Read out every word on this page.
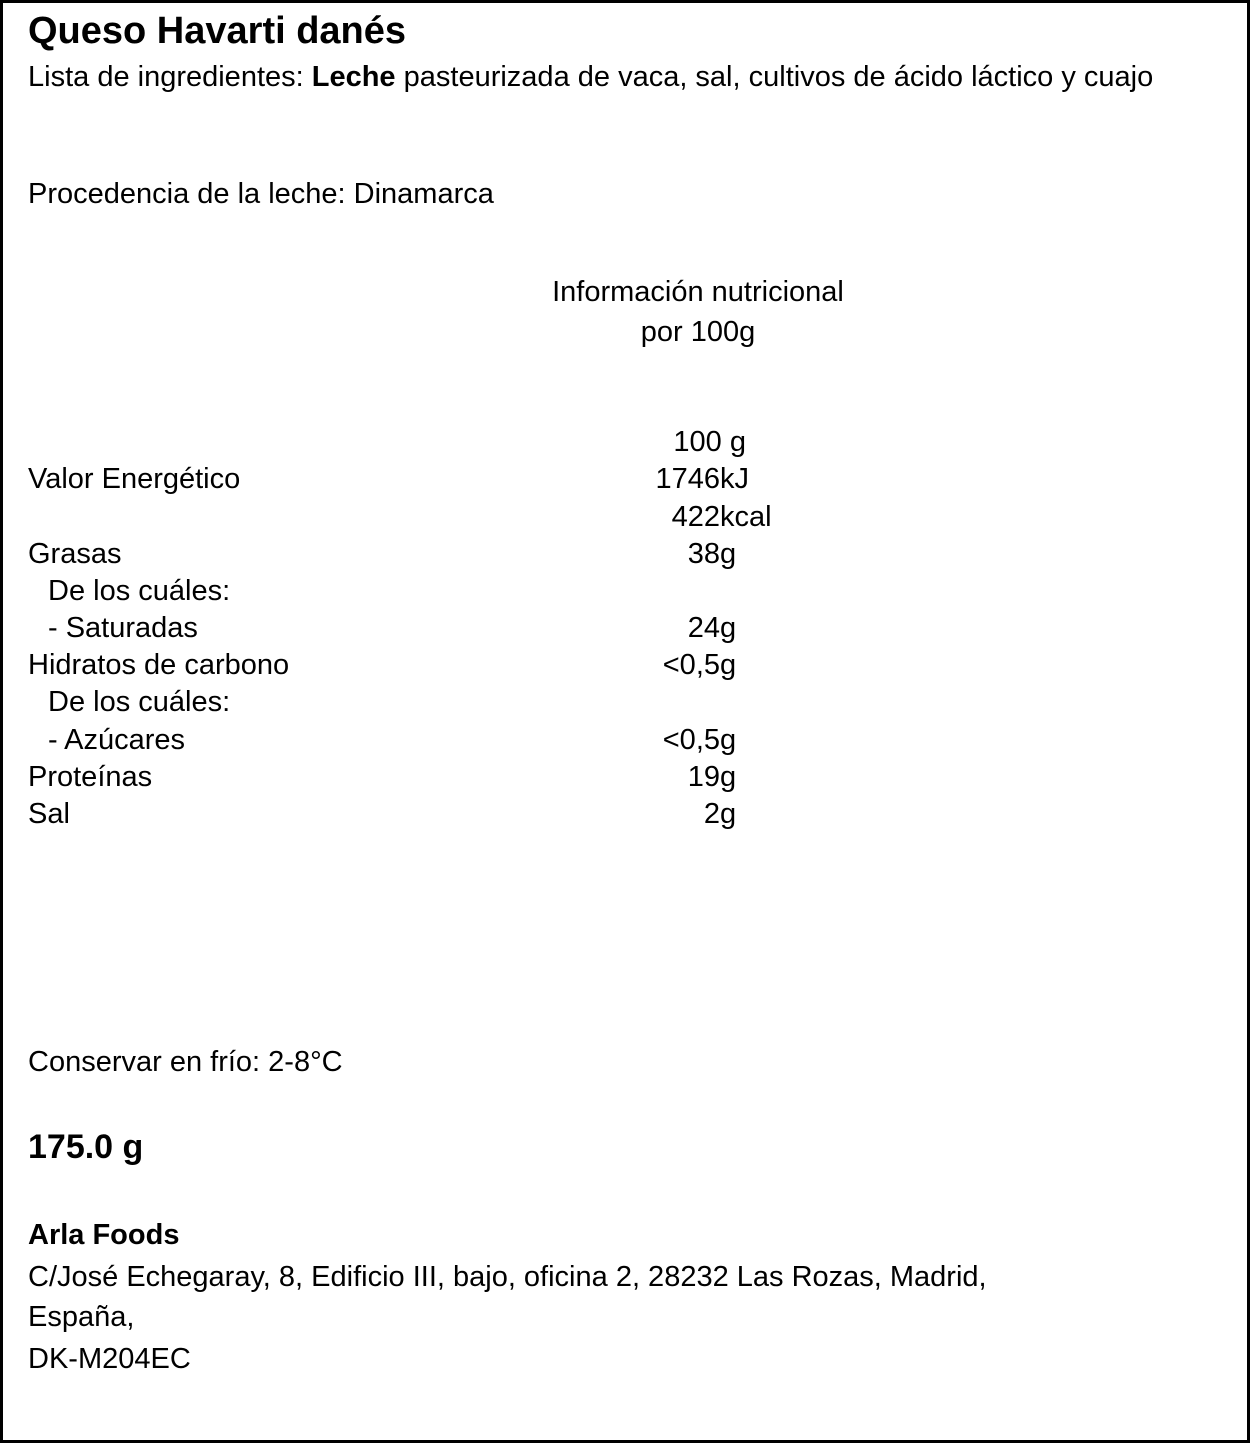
Queso Havarti danés
Lista de ingredientes: Leche pasteurizada de vaca, sal, cultivos de ácido láctico y cuajo
Procedencia de la leche: Dinamarca
Información nutricional
por 100g
100 g
Valor Energético	1746 kJ
422 kcal
Grasas	38 g
De los cuáles:
- Saturadas	24 g
Hidratos de carbono	<0,5 g
De los cuáles:
- Azúcares	<0,5 g
Proteínas	19 g
Sal	2 g
Conservar en frío: 2-8°C
175.0 g
Arla Foods
C/José Echegaray, 8, Edificio III, bajo, oficina 2, 28232 Las Rozas, Madrid,
España,
DK-M204EC
